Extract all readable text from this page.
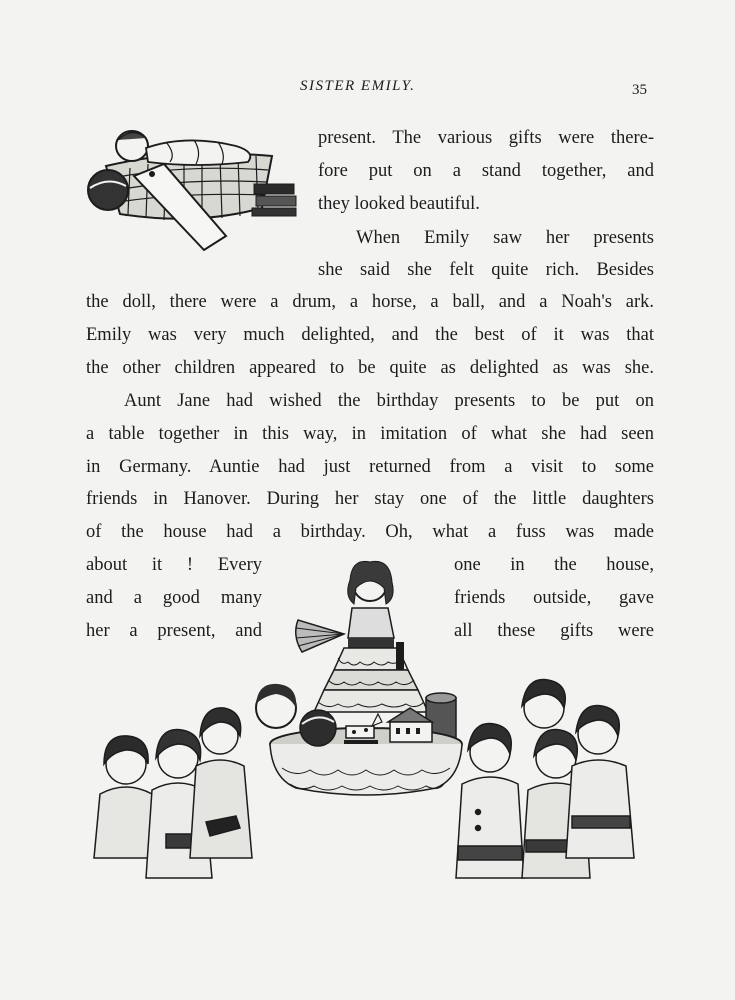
SISTER EMILY.	35
present. The various gifts were there-
fore put on a stand together, and
they looked beautiful.
When Emily saw her presents
she said she felt quite rich. Besides
the doll, there were a drum, a horse, a ball, and a Noah's ark.
Emily was very much delighted, and the best of it was that
the other children appeared to be quite as delighted as was she.
Aunt Jane had wished the birthday presents to be put on
a table together in this way, in imitation of what she had seen
in Germany. Auntie had just returned from a visit to some
friends in Hanover. During her stay one of the little daughters
of the house had a birthday. Oh, what a fuss was made
about it ! Every	one in the house,
and a good many	friends outside, gave
her a present, and	all these gifts were
